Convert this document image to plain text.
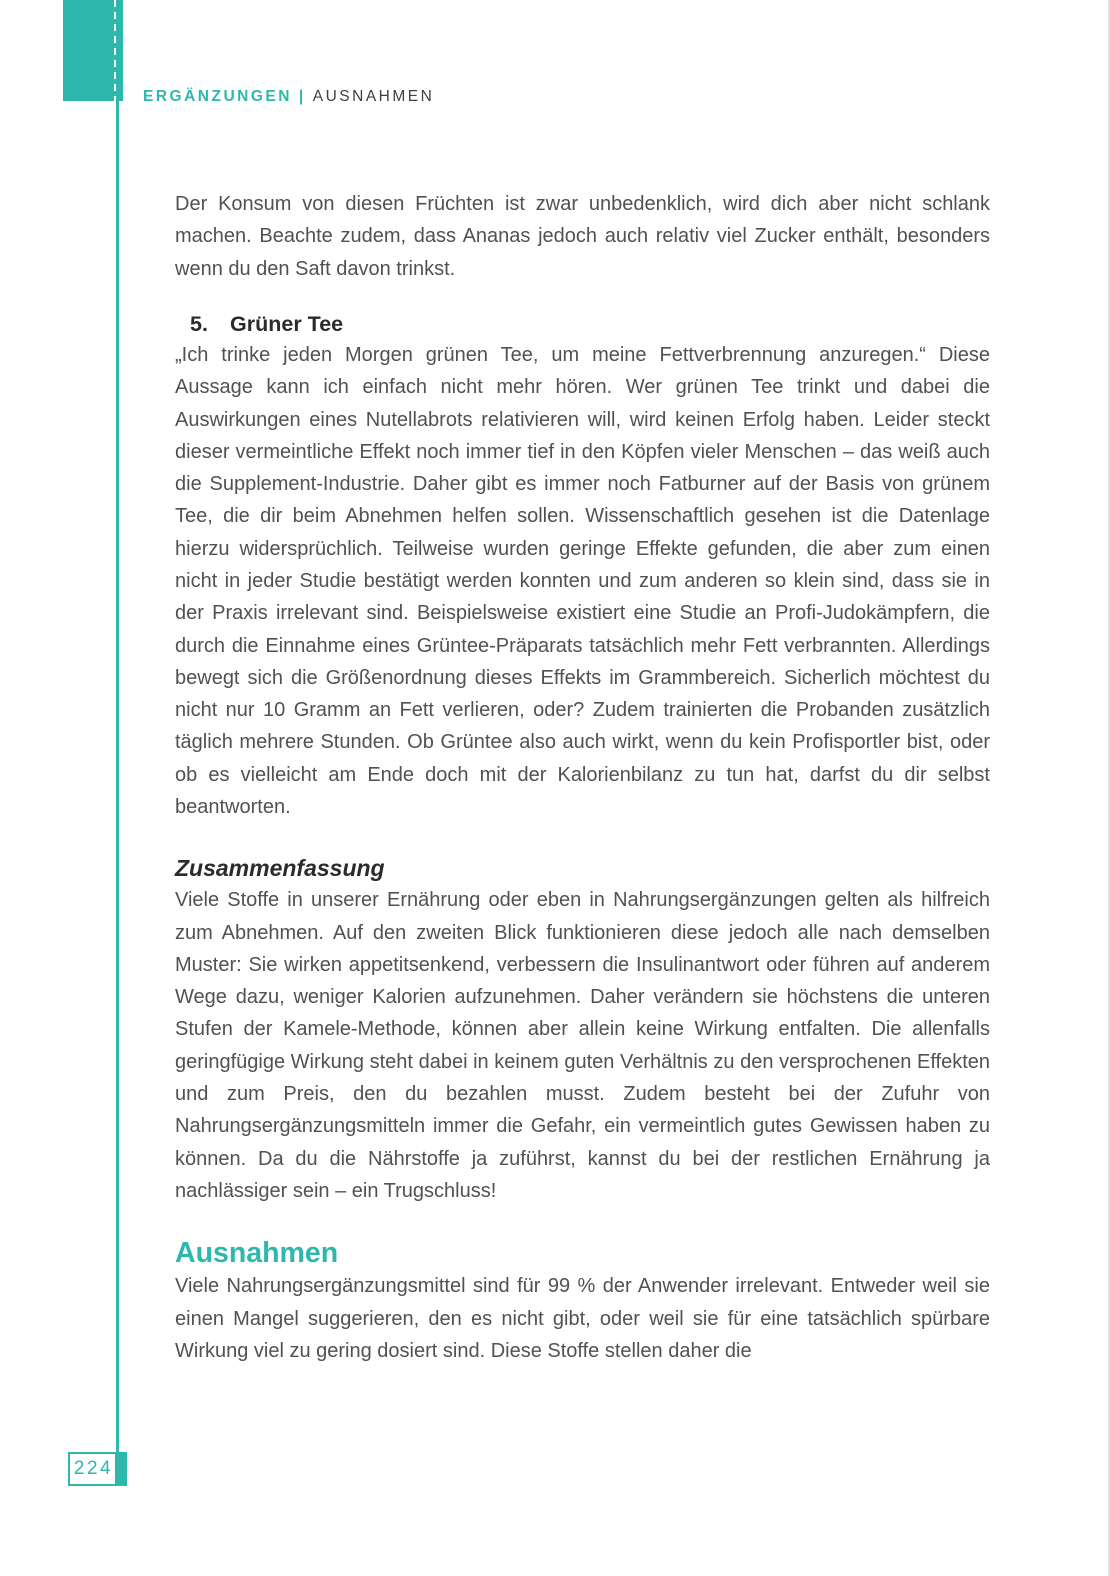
ERGÄNZUNGEN | AUSNAHMEN

Der Konsum von diesen Früchten ist zwar unbedenklich, wird dich aber nicht schlank machen. Beachte zudem, dass Ananas jedoch auch relativ viel Zucker enthält, besonders wenn du den Saft davon trinkst.

5. Grüner Tee

„Ich trinke jeden Morgen grünen Tee, um meine Fettverbrennung anzuregen.“ Diese Aussage kann ich einfach nicht mehr hören. Wer grünen Tee trinkt und dabei die Auswirkungen eines Nutellabrots relativieren will, wird keinen Erfolg haben. Leider steckt dieser vermeintliche Effekt noch immer tief in den Köpfen vieler Menschen – das weiß auch die Supplement-Industrie. Daher gibt es immer noch Fatburner auf der Basis von grünem Tee, die dir beim Abnehmen helfen sollen. Wissenschaftlich gesehen ist die Datenlage hierzu widersprüchlich. Teilweise wurden geringe Effekte gefunden, die aber zum einen nicht in jeder Studie bestätigt werden konnten und zum anderen so klein sind, dass sie in der Praxis irrelevant sind. Beispielsweise existiert eine Studie an Profi-Judokämpfern, die durch die Einnahme eines Grüntee-Präparats tatsächlich mehr Fett verbrannten. Allerdings bewegt sich die Größenordnung dieses Effekts im Grammbereich. Sicherlich möchtest du nicht nur 10 Gramm an Fett verlieren, oder? Zudem trainierten die Probanden zusätzlich täglich mehrere Stunden. Ob Grüntee also auch wirkt, wenn du kein Profisportler bist, oder ob es vielleicht am Ende doch mit der Kalorienbilanz zu tun hat, darfst du dir selbst beantworten.

Zusammenfassung

Viele Stoffe in unserer Ernährung oder eben in Nahrungsergänzungen gelten als hilfreich zum Abnehmen. Auf den zweiten Blick funktionieren diese jedoch alle nach demselben Muster: Sie wirken appetitsenkend, verbessern die Insulinantwort oder führen auf anderem Wege dazu, weniger Kalorien aufzunehmen. Daher verändern sie höchstens die unteren Stufen der Kamele-Methode, können aber allein keine Wirkung entfalten. Die allenfalls geringfügige Wirkung steht dabei in keinem guten Verhältnis zu den versprochenen Effekten und zum Preis, den du bezahlen musst. Zudem besteht bei der Zufuhr von Nahrungsergänzungsmitteln immer die Gefahr, ein vermeintlich gutes Gewissen haben zu können. Da du die Nährstoffe ja zuführst, kannst du bei der restlichen Ernährung ja nachlässiger sein – ein Trugschluss!

Ausnahmen

Viele Nahrungsergänzungsmittel sind für 99 % der Anwender irrelevant. Entweder weil sie einen Mangel suggerieren, den es nicht gibt, oder weil sie für eine tatsächlich spürbare Wirkung viel zu gering dosiert sind. Diese Stoffe stellen daher die

224
